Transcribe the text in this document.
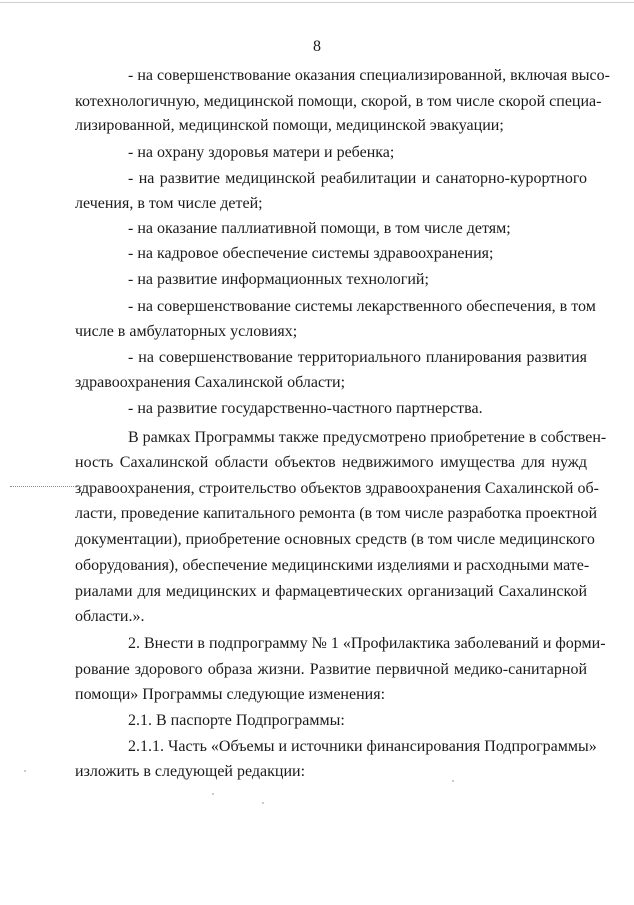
8
- на совершенствование оказания специализированной, включая высо-
котехнологичную, медицинской помощи, скорой, в том числе скорой специа-
лизированной, медицинской помощи, медицинской эвакуации;
- на охрану здоровья матери и ребенка;
- на развитие медицинской реабилитации и санаторно-курортного
лечения, в том числе детей;
- на оказание паллиативной помощи, в том числе детям;
- на кадровое обеспечение системы здравоохранения;
- на развитие информационных технологий;
- на совершенствование системы лекарственного обеспечения, в том
числе в амбулаторных условиях;
- на совершенствование территориального планирования развития
здравоохранения Сахалинской области;
- на развитие государственно-частного партнерства.
В рамках Программы также предусмотрено приобретение в собствен-
ность Сахалинской области объектов недвижимого имущества для нужд
здравоохранения, строительство объектов здравоохранения Сахалинской об-
ласти, проведение капитального ремонта (в том числе разработка проектной
документации), приобретение основных средств (в том числе медицинского
оборудования), обеспечение медицинскими изделиями и расходными мате-
риалами для медицинских и фармацевтических организаций Сахалинской
области.».
2. Внести в подпрограмму № 1 «Профилактика заболеваний и форми-
рование здорового образа жизни. Развитие первичной медико-санитарной
помощи» Программы следующие изменения:
2.1. В паспорте Подпрограммы:
2.1.1. Часть «Объемы и источники финансирования Подпрограммы»
изложить в следующей редакции:
